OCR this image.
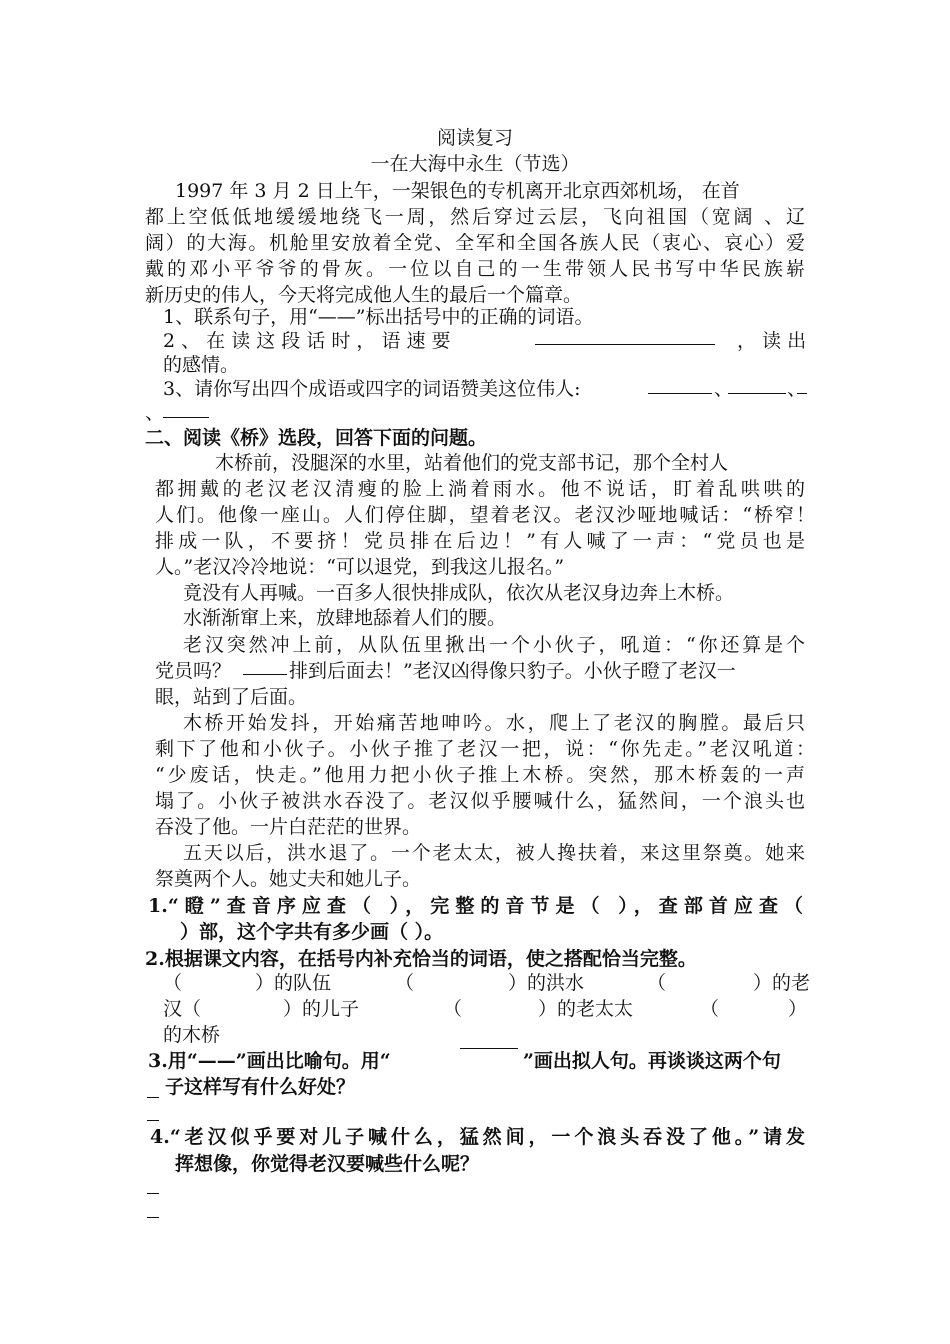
阅读复习
一在大海中永生（节选）
1997 年 3 月 2 日上午，一架银色的专机离开北京西郊机场， 在首
都上空低低地缓缓地绕飞一周，然后穿过云层，飞向祖国（宽阔 、辽
阔）的大海。机舱里安放着全党、全军和全国各族人民（衷心、哀心）爱
戴的邓小平爷爷的骨灰。一位以自己的一生带领人民书写中华民族崭
新历史的伟人，今天将完成他人生的最后一个篇章。
1、联系句子，用“——”标出括号中的正确的词语。
2 、 在 读 这 段 话 时 ， 语 速 要	， 读 出
的感情。
3、请你写出四个成语或四字的词语赞美这位伟人:	、	、
、
二、阅读《桥》选段，回答下面的问题。
木桥前，没腿深的水里，站着他们的党支部书记，那个全村人
都拥戴的老汉老汉清瘦的脸上淌着雨水。他不说话，盯着乱哄哄的
人们。他像一座山。人们停住脚，望着老汉。老汉沙哑地喊话：“桥窄！
排成一队，不要挤！党员排在后边！”有人喊了一声：“党员也是
人。”老汉冷冷地说：“可以退党，到我这儿报名。”
竟没有人再喊。一百多人很快排成队，依次从老汉身边奔上木桥。
水渐渐窜上来，放肆地舔着人们的腰。
老汉突然冲上前，从队伍里揪出一个小伙子，吼道：“你还算是个
党员吗？	排到后面去！”老汉凶得像只豹子。小伙子瞪了老汉一
眼，站到了后面。
木桥开始发抖，开始痛苦地呻吟。水，爬上了老汉的胸膛。最后只
剩下了他和小伙子。小伙子推了老汉一把，说：“你先走。”老汉吼道：
“少废话，快走。”他用力把小伙子推上木桥。突然，那木桥轰的一声
塌了。小伙子被洪水吞没了。老汉似乎腰喊什么，猛然间，一个浪头也
吞没了他。一片白茫茫的世界。
五天以后，洪水退了。一个老太太，被人搀扶着，来这里祭奠。她来
祭奠两个人。她丈夫和她儿子。
1.“瞪”查音序应查（ ），完整的音节是（ ），查部首应查（
）部，这个字共有多少画（ ）。
2.根据课文内容，在括号内补充恰当的词语，使之搭配恰当完整。
（	）的队伍	（	）的洪水	（	）的老
汉（	）的儿子	（	）的老太太	（	）
的木桥
3.用“——”画出比喻句。用“	”画出拟人句。再谈谈这两个句
子这样写有什么好处？
4.“老汉似乎要对儿子喊什么，猛然间，一个浪头吞没了他。”请发
挥想像，你觉得老汉要喊些什么呢？
